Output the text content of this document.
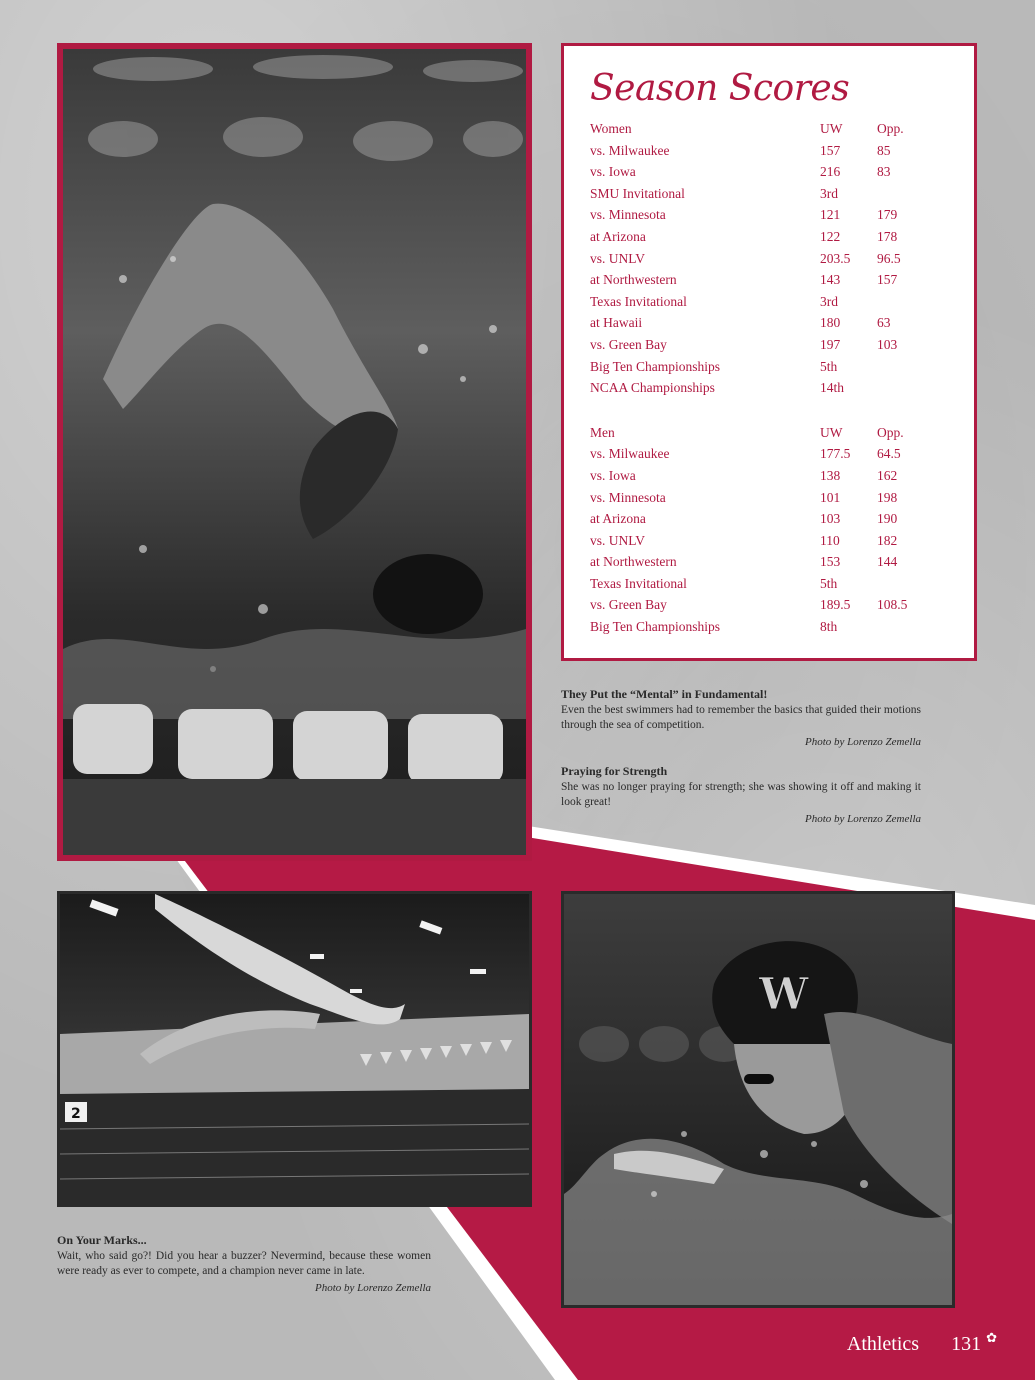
Season Scores
Women	UW	Opp.
vs. Milwaukee	157	85
vs. Iowa	216	83
SMU Invitational	3rd
vs. Minnesota	121	179
at Arizona	122	178
vs. UNLV	203.5 96.5
at Northwestern	143	157
Texas Invitational	3rd
at Hawaii	180	63
vs. Green Bay	197	103
Big Ten Championships	5th
NCAA Championships	14th
Men	UW	Opp.
vs. Milwaukee	177.5 64.5
vs. Iowa	138	162
vs. Minnesota	101	198
at Arizona	103	190
vs. UNLV	110	182
at Northwestern	153	144
Texas Invitational	5th
vs. Green Bay	189.5 108.5
Big Ten Championships	8th
They Put the “Mental” in Fundamental!
Even the best swimmers had to remember the basics that guided their motions through the sea of competition.
Photo by Lorenzo Zemella
Praying for Strength
She was no longer praying for strength; she was showing it off and making it look great!
Photo by Lorenzo Zemella
2
On Your Marks...
Wait, who said go?! Did you hear a buzzer? Nevermind, because these women were ready as ever to compete, and a champion never came in late.
Photo by Lorenzo Zemella
W
Athletics 131 ✿
